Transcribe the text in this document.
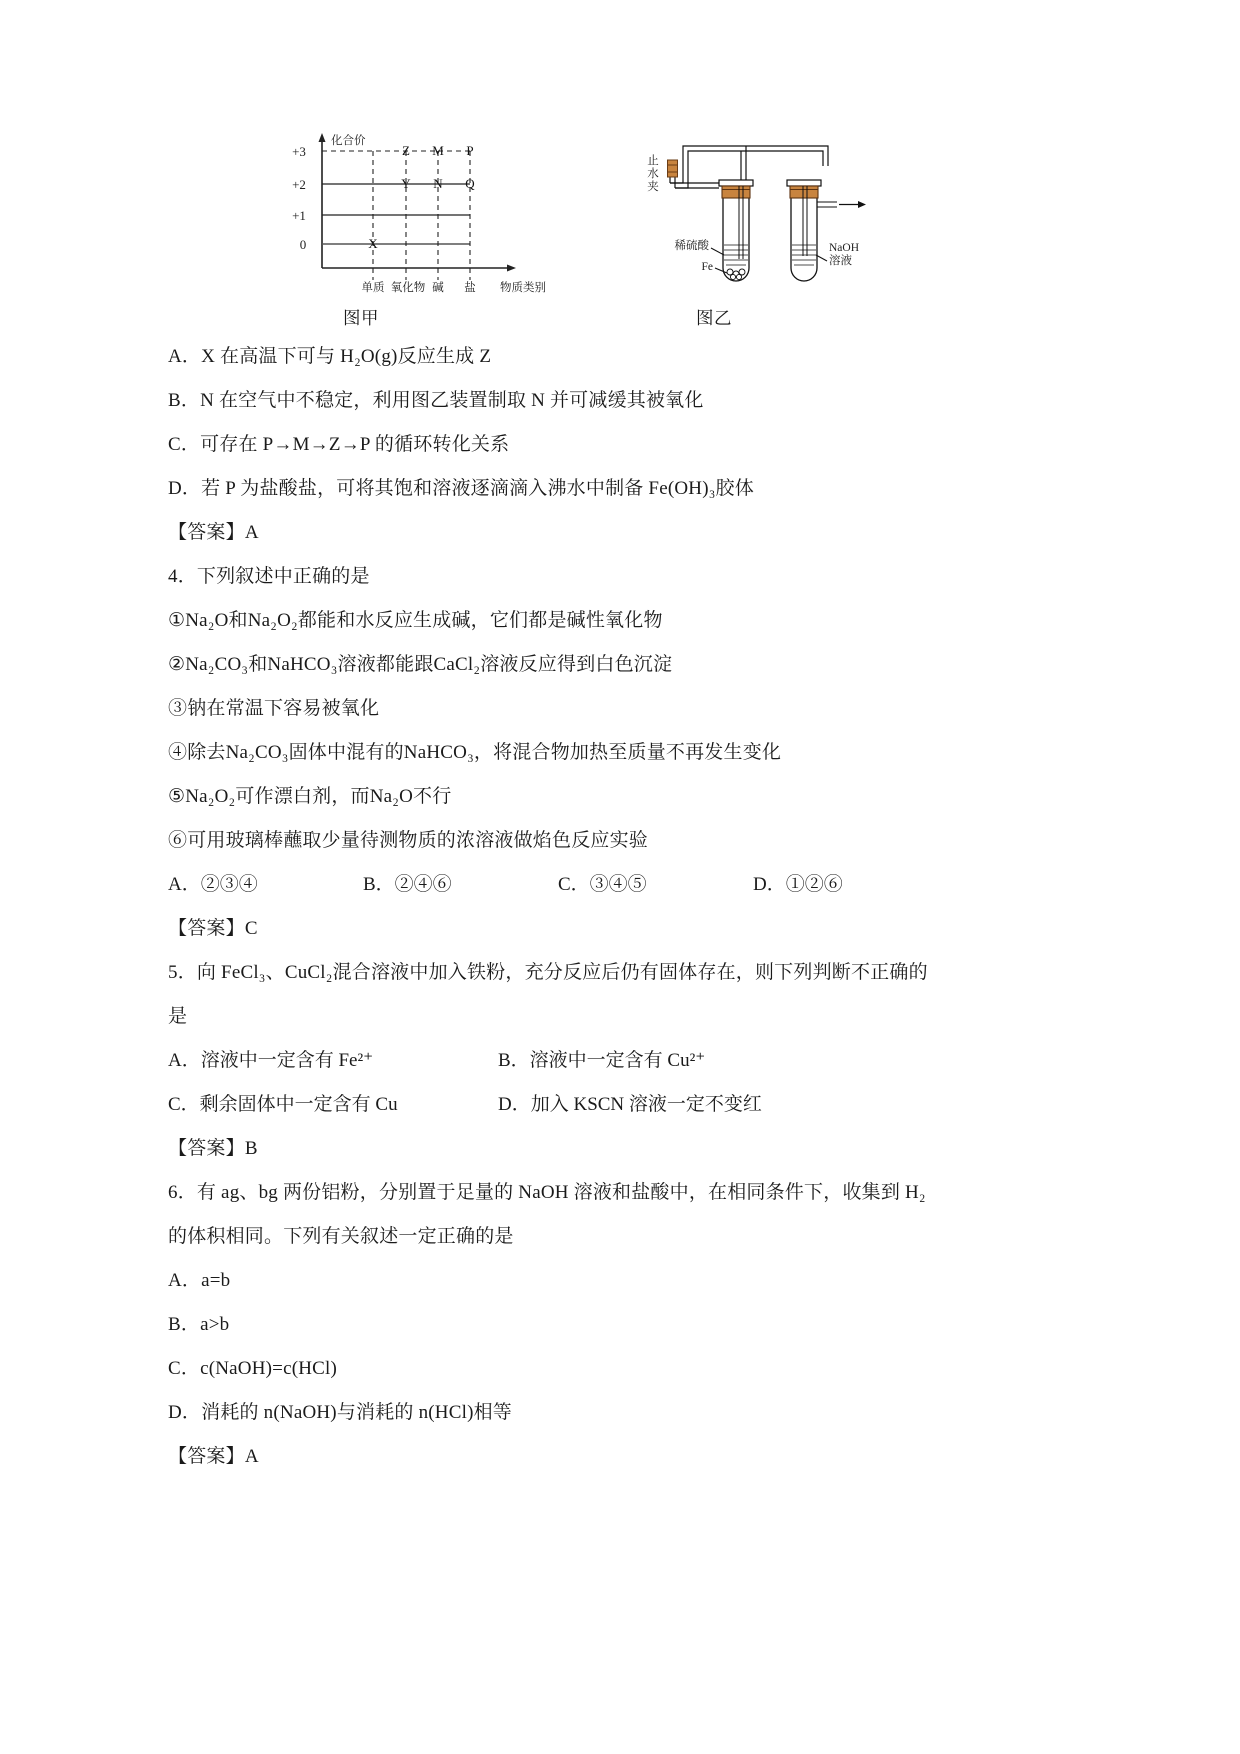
化合价
+3
+2
+1
0	X
Z
Y
M
N
P
Q
单质 氧化物 碱 盐 物质类别
止
水
夹
稀硫酸
Fe
NaOH
溶液
图甲	图乙
A．X 在高温下可与 H₂O(g)反应生成 Z
B．N 在空气中不稳定，利用图乙装置制取 N 并可减缓其被氧化
C．可存在 P→M→Z→P 的循环转化关系
D．若 P 为盐酸盐，可将其饱和溶液逐滴滴入沸水中制备 Fe(OH)₃胶体
【答案】A
4．下列叙述中正确的是
①Na₂O和Na₂O₂都能和水反应生成碱，它们都是碱性氧化物
②Na₂CO₃和NaHCO₃溶液都能跟CaCl₂溶液反应得到白色沉淀
③钠在常温下容易被氧化
④除去Na₂CO₃固体中混有的NaHCO₃，将混合物加热至质量不再发生变化
⑤Na₂O₂可作漂白剂，而Na₂O不行
⑥可用玻璃棒蘸取少量待测物质的浓溶液做焰色反应实验
A．②③④	B．②④⑥	C．③④⑤	D．①②⑥
【答案】C
5．向 FeCl₃、CuCl₂混合溶液中加入铁粉，充分反应后仍有固体存在，则下列判断不正确的
是
A．溶液中一定含有 Fe²⁺	B．溶液中一定含有 Cu²⁺
C．剩余固体中一定含有 Cu	D．加入 KSCN 溶液一定不变红
【答案】B
6．有 ag、bg 两份铝粉，分别置于足量的 NaOH 溶液和盐酸中，在相同条件下，收集到 H₂
的体积相同。下列有关叙述一定正确的是
A．a=b
B．a>b
C．c(NaOH)=c(HCl)
D．消耗的 n(NaOH)与消耗的 n(HCl)相等
【答案】A
